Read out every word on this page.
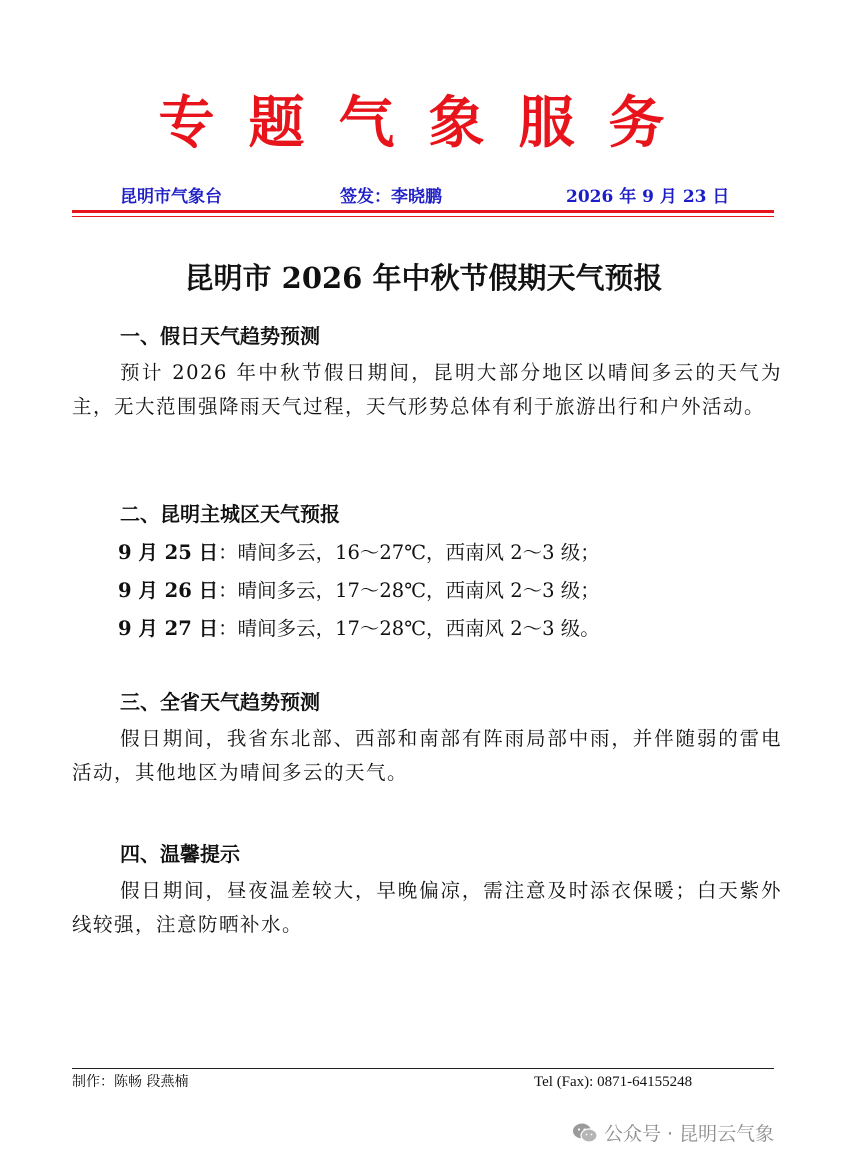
专题气象服务
昆明市气象台	签发：李晓鹏	2026 年 9 月 23 日
昆明市 2026 年中秋节假期天气预报
一、假日天气趋势预测

预计 2026 年中秋节假日期间，昆明大部分地区以晴间多云的天气为主，无大范围强降雨天气过程，天气形势总体有利于旅游出行和户外活动。

二、昆明主城区天气预报

9 月 25 日：晴间多云，16～27℃，西南风 2～3 级；

9 月 26 日：晴间多云，17～28℃，西南风 2～3 级；

9 月 27 日：晴间多云，17～28℃，西南风 2～3 级。

三、全省天气趋势预测

假日期间，我省东北部、西部和南部有阵雨局部中雨，并伴随弱的雷电活动，其他地区为晴间多云的天气。

四、温馨提示

假日期间，昼夜温差较大，早晚偏凉，需注意及时添衣保暖；白天紫外线较强，注意防晒补水。

制作：陈畅 段燕楠	Tel (Fax): 0871-64155248
公众号 · 昆明云气象
